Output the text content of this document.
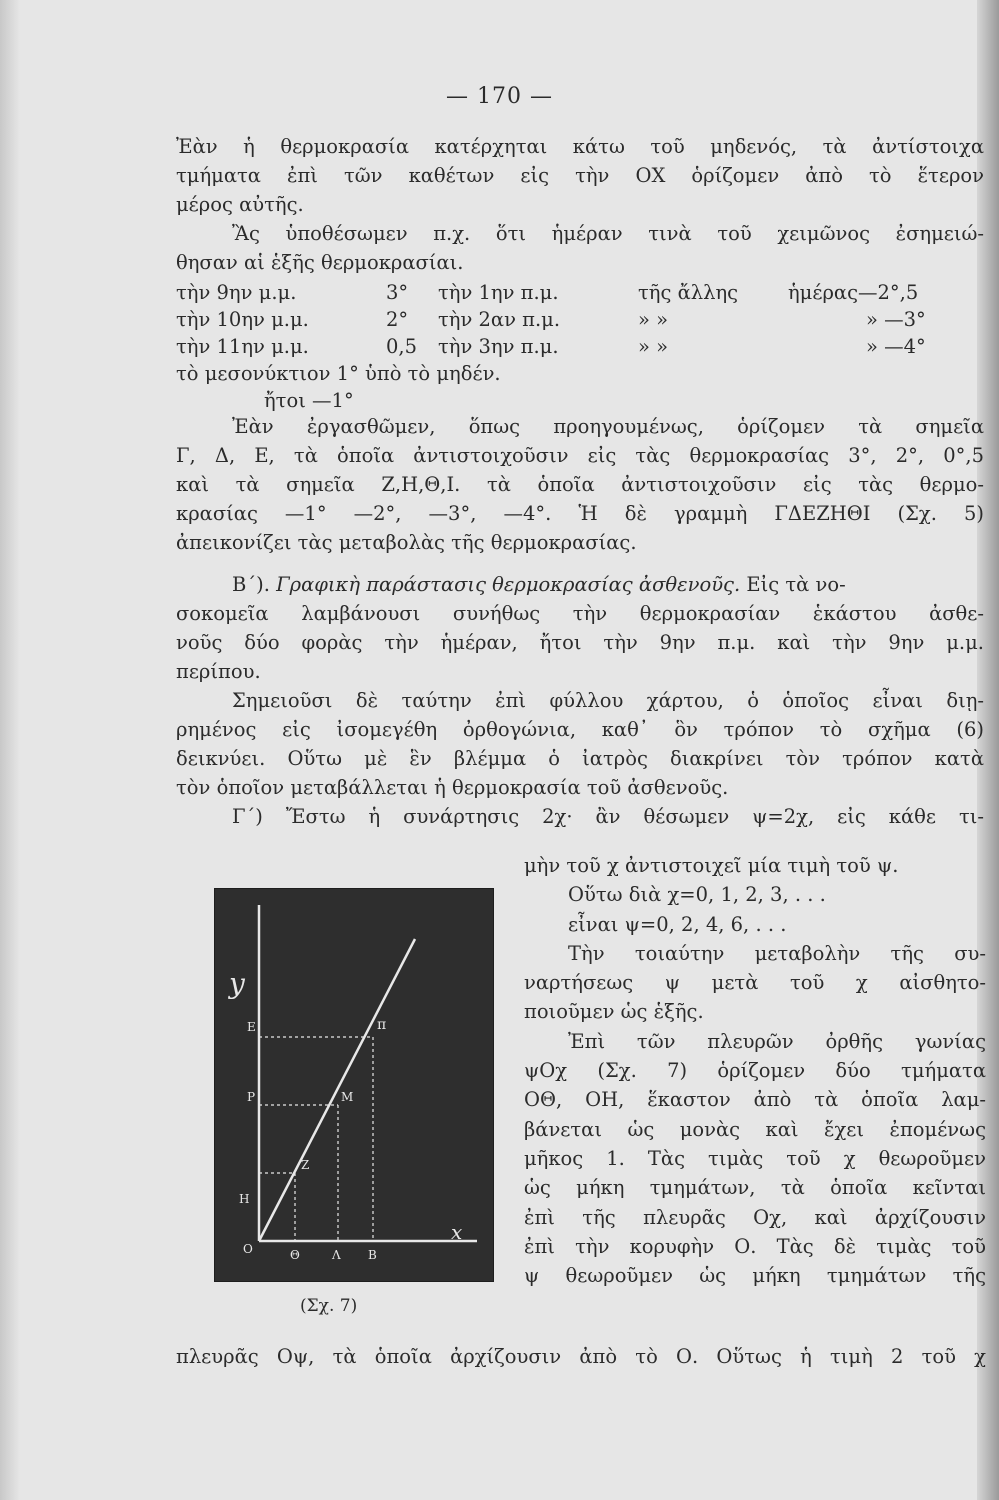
— 170 —
Ἐὰν ἡ θερμοκρασία κατέρχηται κάτω τοῦ μηδενός, τὰ ἀντίστοιχα
τμήματα ἐπὶ τῶν καθέτων εἰς τὴν ΟΧ ὁρίζομεν ἀπὸ τὸ ἕτερον
μέρος αὐτῆς.
Ἂς ὑποθέσωμεν π.χ. ὅτι ἡμέραν τινὰ τοῦ χειμῶνος ἐσημειώ-
θησαν αἱ ἑξῆς θερμοκρασίαι.
τὴν 9ην μ.μ.	3° τὴν 1ην π.μ.	τῆς ἄλλης	ἡμέρας—2°,5
τὴν 10ην μ.μ.	2° τὴν 2αν π.μ.	» »	» —3°
τὴν 11ην μ.μ.	0,5 τὴν 3ην π.μ.	» »	» —4°
τὸ μεσονύκτιον 1° ὑπὸ τὸ μηδέν.
ἤτοι —1°
Ἐὰν ἐργασθῶμεν, ὅπως προηγουμένως, ὁρίζομεν τὰ σημεῖα
Γ, Δ, Ε, τὰ ὁποῖα ἀντιστοιχοῦσιν εἰς τὰς θερμοκρασίας 3°, 2°, 0°,5
καὶ τὰ σημεῖα Ζ,Η,Θ,Ι. τὰ ὁποῖα ἀντιστοιχοῦσιν εἰς τὰς θερμο-
κρασίας —1° —2°, —3°, —4°. Ἡ δὲ γραμμὴ ΓΔΕΖΗΘΙ (Σχ. 5)
ἀπεικονίζει τὰς μεταβολὰς τῆς θερμοκρασίας.
Β΄). Γραφικὴ παράστασις θερμοκρασίας ἀσθενοῦς. Εἰς τὰ νο-
σοκομεῖα λαμβάνουσι συνήθως τὴν θερμοκρασίαν ἑκάστου ἀσθε-
νοῦς δύο φορὰς τὴν ἡμέραν, ἤτοι τὴν 9ην π.μ. καὶ τὴν 9ην μ.μ.
περίπου.
Σημειοῦσι δὲ ταύτην ἐπὶ φύλλου χάρτου, ὁ ὁποῖος εἶναι διῃ-
ρημένος εἰς ἰσομεγέθη ὀρθογώνια, καθ᾽ ὃν τρόπον τὸ σχῆμα (6)
δεικνύει. Οὕτω μὲ ἓν βλέμμα ὁ ἰατρὸς διακρίνει τὸν τρόπον κατὰ
τὸν ὁποῖον μεταβάλλεται ἡ θερμοκρασία τοῦ ἀσθενοῦς.
Γ΄) Ἔστω ἡ συνάρτησις 2χ· ἂν θέσωμεν ψ=2χ, εἰς κάθε τι-
y
x
O
E
P
H
π
M
Z
Θ	Λ B
(Σχ. 7)
μὴν τοῦ χ ἀντιστοιχεῖ μία τιμὴ τοῦ ψ.
Οὕτω διὰ χ=0, 1, 2, 3, . . .
εἶναι ψ=0, 2, 4, 6, . . .
Τὴν τοιαύτην μεταβολὴν τῆς συ-
ναρτήσεως ψ μετὰ τοῦ χ αἰσθητο-
ποιοῦμεν ὡς ἑξῆς.
Ἐπὶ τῶν πλευρῶν ὀρθῆς γωνίας
ψΟχ (Σχ. 7) ὁρίζομεν δύο τμήματα
ΟΘ, ΟΗ, ἕκαστον ἀπὸ τὰ ὁποῖα λαμ-
βάνεται ὡς μονὰς καὶ ἔχει ἐπομένως
μῆκος 1. Τὰς τιμὰς τοῦ χ θεωροῦμεν
ὡς μήκη τμημάτων, τὰ ὁποῖα κεῖνται
ἐπὶ τῆς πλευρᾶς Οχ, καὶ ἀρχίζουσιν
ἐπὶ τὴν κορυφὴν Ο. Τὰς δὲ τιμὰς τοῦ
ψ θεωροῦμεν ὡς μήκη τμημάτων τῆς
πλευρᾶς Οψ, τὰ ὁποῖα ἀρχίζουσιν ἀπὸ τὸ Ο. Οὕτως ἡ τιμὴ 2 τοῦ χ
